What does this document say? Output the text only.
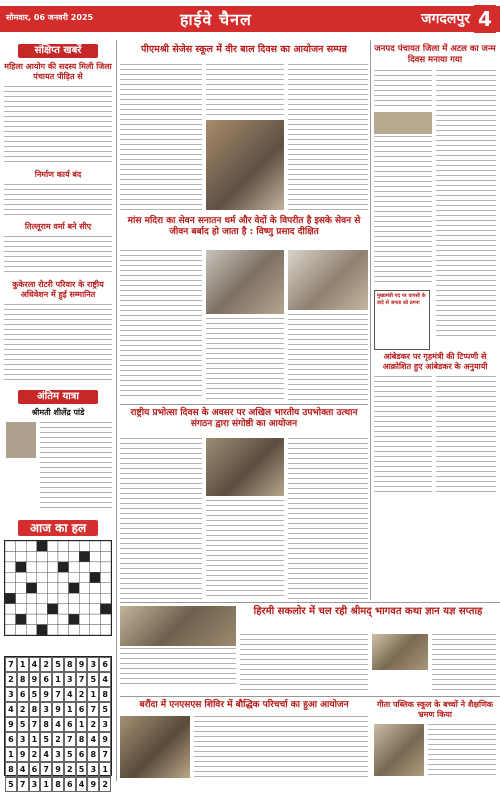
सोमवार, 06 जनवरी 2025	हाईवे चैनल	जगदलपुर 4
संक्षिप्त खबरें
महिला आयोग की सदस्य मिली जिला पंचायत पीड़ित से
निर्माण कार्य बंद
तिल्लूराम वर्मा बने सीए
कुकेरला रोटरी परिवार के राष्ट्रीय अधिवेशन में हुई सम्मानित
अंतिम यात्रा
श्रीमती शीलेंद्र पांडे
आज का हल
7 1 4 2 5 8 9 3 6
2 8 9 6 1 3 7 5 4
3 6 5 9 7 4 2 1 8
4 2 8 3 9 1 6 7 5
9 5 7 8 4 6 1 2 3
6 3 1 5 2 7 8 4 9
1 9 2 4 3 5 6 8 7
8 4 6 7 9 2 5 3 1
5 7 3 1 8 6 4 9 2
पीएमश्री सेजेस स्कूल में वीर बाल दिवस का आयोजन सम्पन्न
मांस मदिरा का सेवन सनातन धर्म और वेदों के विपरीत है इसके सेवन से जीवन बर्बाद हो जाता है : विष्णु प्रसाद दीक्षित
राष्ट्रीय प्रभोत्सा दिवस के अवसर पर अखिल भारतीय उपभोक्ता उत्थान संगठन द्वारा संगोष्ठी का आयोजन
जनपद पंचायत जिला में अटल का जन्म दिवस मनाया गया
मुख्यमंत्री पद पर वापसी के वादे से जनता को ठगना
आंबेडकर पर गृहमंत्री की टिप्पणी से आक्रोशित हुए आंबेडकर के अनुयायी
हिरमी सकलोर में चल रही श्रीमद् भागवत कथा ज्ञान यज्ञ सप्ताह
बरौंदा में एनएसएस शिविर में बौद्धिक परिचर्चा का हुआ आयोजन	गीता पब्लिक स्कूल के बच्चों ने शैक्षणिक भ्रमण किया
